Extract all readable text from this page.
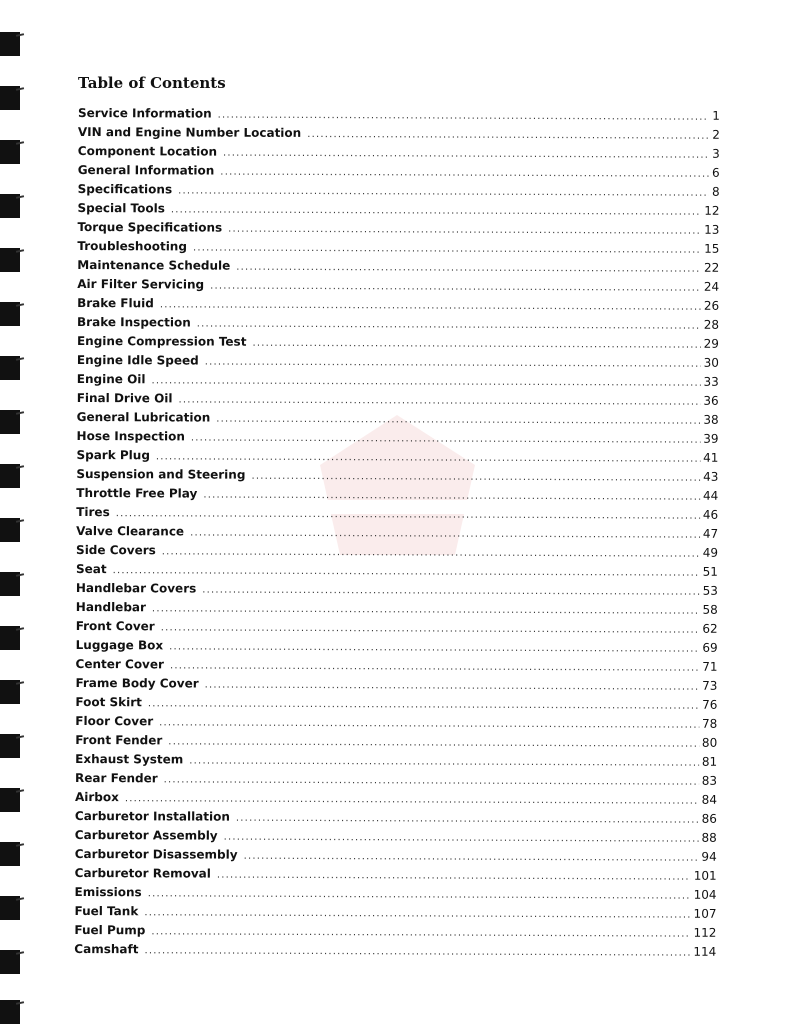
Table of Contents
Service Information .....	1
VIN and Engine Number Location .....	2
Component Location .....	3
General Information .....	6
Specifications .....	8
Special Tools .....	12
Torque Specifications .....	13
Troubleshooting .....	15
Maintenance Schedule .....	22
Air Filter Servicing .....	24
Brake Fluid .....	26
Brake Inspection .....	28
Engine Compression Test .....	29
Engine Idle Speed .....	30
Engine Oil .....	33
Final Drive Oil .....	36
General Lubrication .....	38
Hose Inspection .....	39
Spark Plug .....	41
Suspension and Steering .....	43
Throttle Free Play .....	44
Tires .....	46
Valve Clearance .....	47
Side Covers .....	49
Seat .....	51
Handlebar Covers .....	53
Handlebar .....	58
Front Cover .....	62
Luggage Box .....	69
Center Cover .....	71
Frame Body Cover .....	73
Foot Skirt .....	76
Floor Cover .....	78
Front Fender .....	80
Exhaust System .....	81
Rear Fender .....	83
Airbox .....	84
Carburetor Installation .....	86
Carburetor Assembly .....	88
Carburetor Disassembly .....	94
Carburetor Removal .....	101
Emissions .....	104
Fuel Tank .....	107
Fuel Pump .....	112
Camshaft .....	114
